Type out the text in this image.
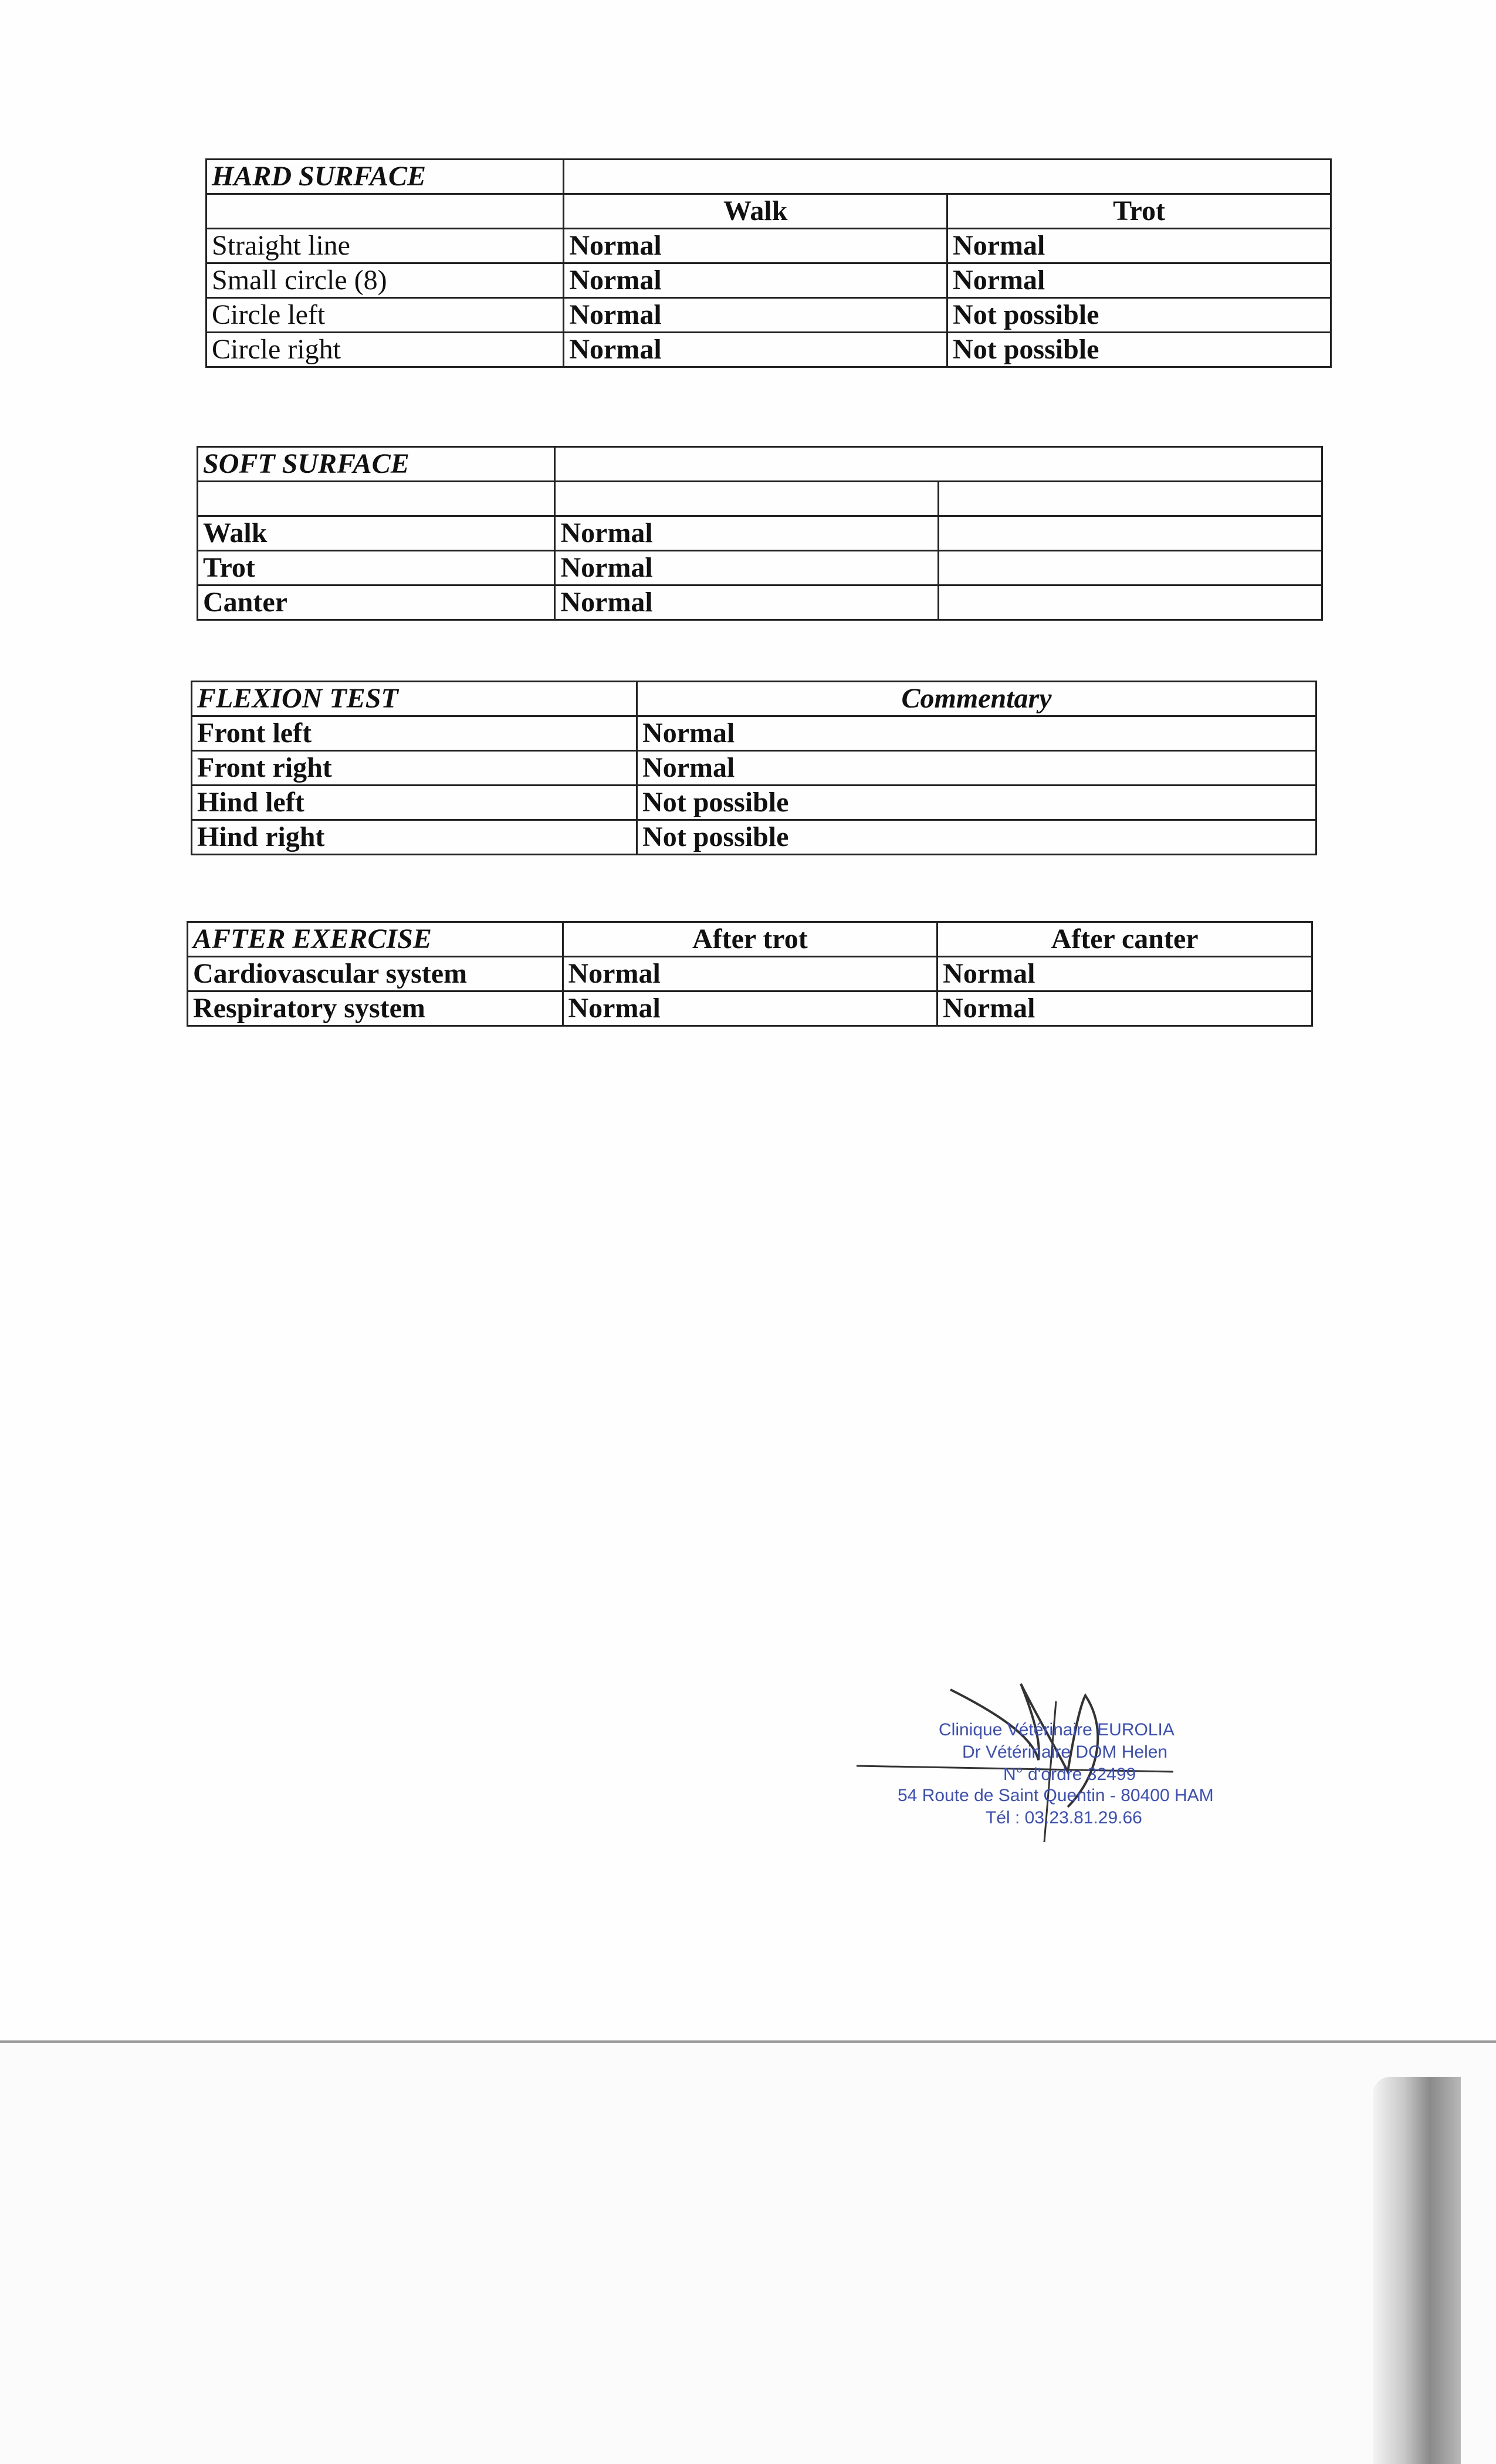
HARD SURFACE		
	Walk	Trot
Straight line	Normal	Normal
Small circle (8)	Normal	Normal
Circle left	Normal	Not possible
Circle right	Normal	Not possible
SOFT SURFACE		

Walk	Normal	
Trot	Normal	
Canter	Normal	
FLEXION TEST	Commentary
Front left	Normal
Front right	Normal
Hind left	Not possible
Hind right	Not possible
AFTER EXERCISE	After trot	After canter
Cardiovascular system	Normal	Normal
Respiratory system	Normal	Normal
Clinique Vétérinaire EUROLIA
Dr Vétérinaire DOM Helen
N° d'ordre 32499
54 Route de Saint Quentin - 80400 HAM
Tél : 03.23.81.29.66
